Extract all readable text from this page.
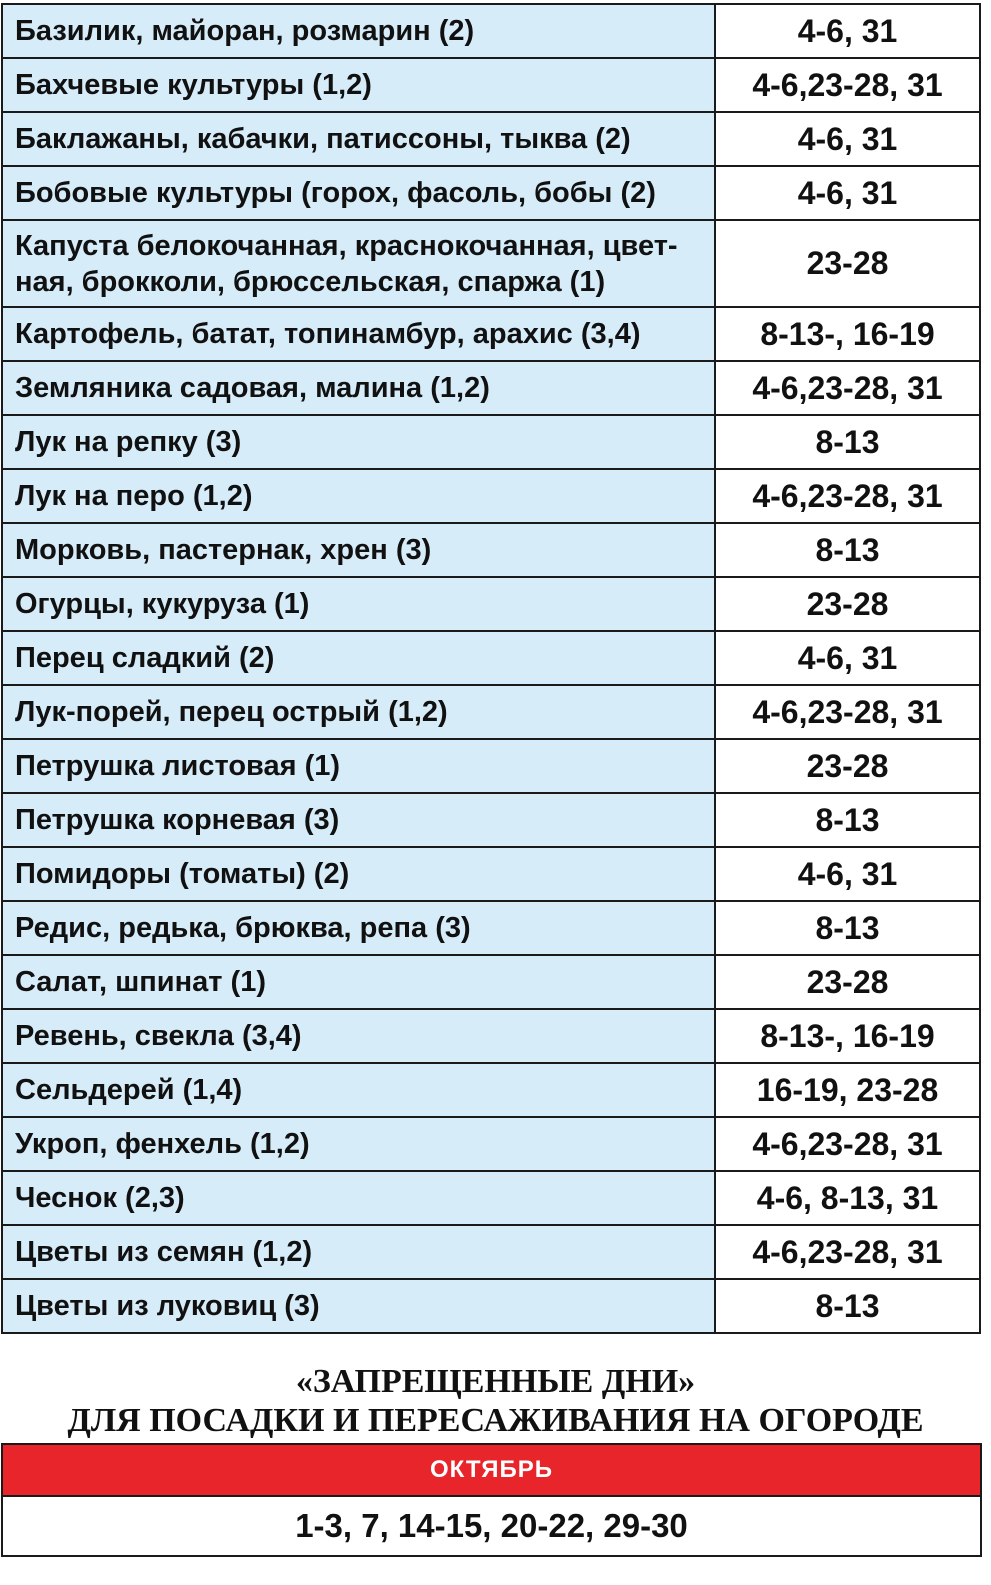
Базилик, майоран, розмарин (2)	4-6, 31
Бахчевые культуры (1,2)	4-6,23-28, 31
Баклажаны, кабачки, патиссоны, тыква (2)	4-6, 31
Бобовые культуры (горох, фасоль, бобы (2)	4-6, 31
Капуста белокочанная, краснокочанная, цвет-
ная, брокколи, брюссельская, спаржа (1)	23-28
Картофель, батат, топинамбур, арахис (3,4)	8-13-, 16-19
Земляника садовая, малина (1,2)	4-6,23-28, 31
Лук на репку (3)	8-13
Лук на перо (1,2)	4-6,23-28, 31
Морковь, пастернак, хрен (3)	8-13
Огурцы, кукуруза (1)	23-28
Перец сладкий (2)	4-6, 31
Лук-порей, перец острый (1,2)	4-6,23-28, 31
Петрушка листовая (1)	23-28
Петрушка корневая (3)	8-13
Помидоры (томаты) (2)	4-6, 31
Редис, редька, брюква, репа (3)	8-13
Салат, шпинат (1)	23-28
Ревень, свекла (3,4)	8-13-, 16-19
Сельдерей (1,4)	16-19, 23-28
Укроп, фенхель (1,2)	4-6,23-28, 31
Чеснок (2,3)	4-6, 8-13, 31
Цветы из семян (1,2)	4-6,23-28, 31
Цветы из луковиц (3)	8-13
«ЗАПРЕЩЕННЫЕ ДНИ»
ДЛЯ ПОСАДКИ И ПЕРЕСАЖИВАНИЯ НА ОГОРОДЕ
ОКТЯБРЬ
1-3, 7, 14-15, 20-22, 29-30
